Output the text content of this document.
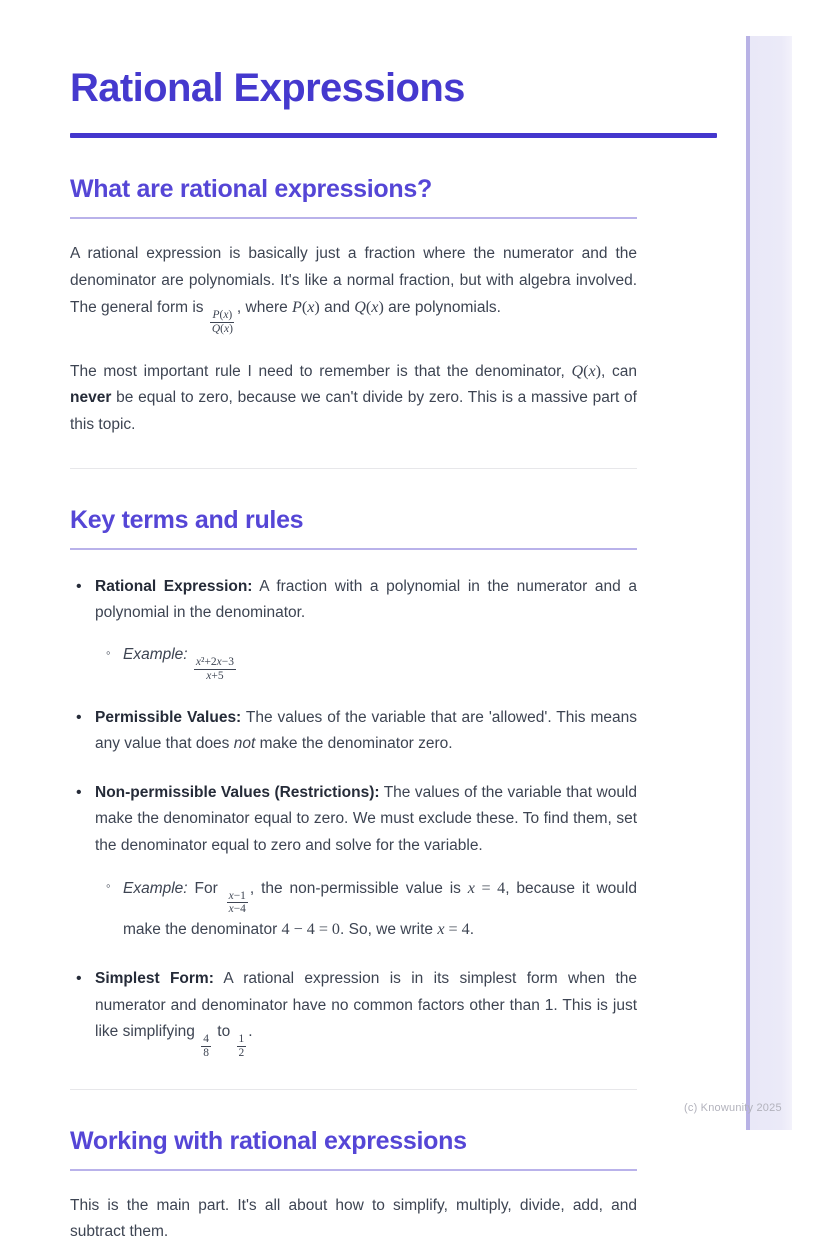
Rational Expressions
What are rational expressions?

A rational expression is basically just a fraction where the numerator and the denominator are polynomials. It's like a normal fraction, but with algebra involved. The general form is
$\frac{P(x)}{Q(x)}$
, where P(x) and Q(x) are polynomials.

The most important rule I need to remember is that the denominator, Q(x), can never be equal to zero, because we can't divide by zero. This is a massive part of this topic.

Key terms and rules
• Rational Expression: A fraction with a polynomial in the numerator and a polynomial in the denominator.
◦ Example:
$\frac{\text{x²+2x−3}}{x+5}$
• Permissible Values: The values of the variable that are 'allowed'. This means any value that does not make the denominator zero.
• Non-permissible Values (Restrictions): The values of the variable that would make the denominator equal to zero. We must exclude these. To find them, set the denominator equal to zero and solve for the variable.
◦ Example: For
$\frac{x-1}{x-4}$
, the non-permissible value is x = 4, because it would make the denominator 4 − 4 = 0. So, we write x = 4.
• Simplest Form: A rational expression is in its simplest form when the numerator and denominator have no common factors other than 1. This is just like simplifying
$\frac{4}{8}$
to
$\frac{1}{2}$
.
Working with rational expressions

This is the main part. It's all about how to simplify, multiply, divide, add, and subtract them.

(c) Knowunity 2025
